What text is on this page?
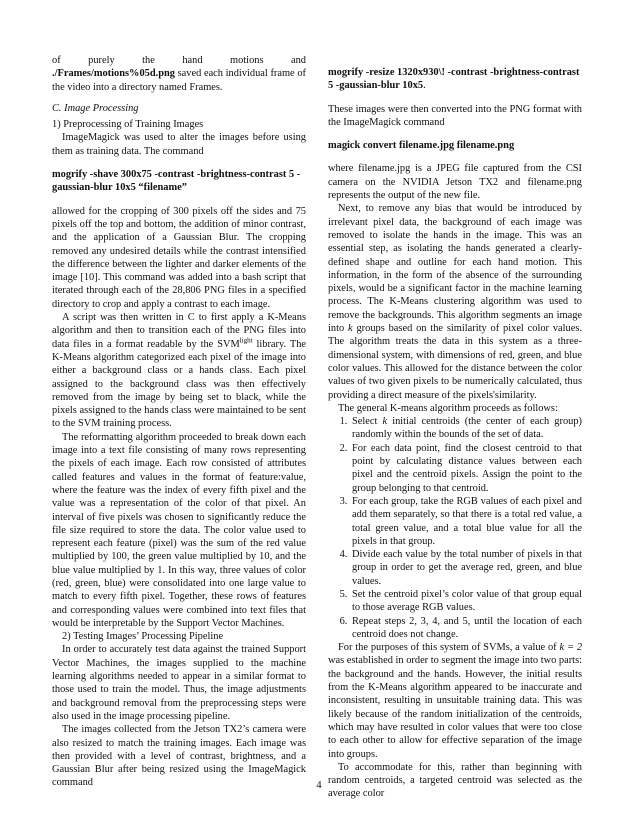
of purely the hand motions and ./Frames/motions%05d.png saved each individual frame of the video into a directory named Frames.

C. Image Processing

1) Preprocessing of Training Images

ImageMagick was used to alter the images before using them as training data. The command

mogrify -shave 300x75 -contrast -brightness-contrast 5 -gaussian-blur 10x5 “filename”

allowed for the cropping of 300 pixels off the sides and 75 pixels off the top and bottom, the addition of minor contrast, and the application of a Gaussian Blur. The cropping removed any undesired details while the contrast intensified the difference between the lighter and darker elements of the image [10]. This command was added into a bash script that iterated through each of the 28,806 PNG files in a specified directory to crop and apply a contrast to each image.

A script was then written in C to first apply a K-Means algorithm and then to transition each of the PNG files into data files in a format readable by the $SVM^{light}$ library. The K-Means algorithm categorized each pixel of the image into either a background class or a hands class. Each pixel assigned to the background class was then effectively removed from the image by being set to black, while the pixels assigned to the hands class were maintained to be sent to the SVM training process.

The reformatting algorithm proceeded to break down each image into a text file consisting of many rows representing the pixels of each image. Each row consisted of attributes called features and values in the format of feature:value, where the feature was the index of every fifth pixel and the value was a representation of the color of that pixel. An interval of five pixels was chosen to significantly reduce the file size required to store the data. The color value used to represent each feature (pixel) was the sum of the red value multiplied by 100, the green value multiplied by 10, and the blue value multiplied by 1. In this way, three values of color (red, green, blue) were consolidated into one large value to match to every fifth pixel. Together, these rows of features and corresponding values were combined into text files that would be interpretable by the Support Vector Machines.

2) Testing Images’ Processing Pipeline

In order to accurately test data against the trained Support Vector Machines, the images supplied to the machine learning algorithms needed to appear in a similar format to those used to train the model. Thus, the image adjustments and background removal from the preprocessing steps were also used in the image processing pipeline.

The images collected from the Jetson TX2’s camera were also resized to match the training images. Each image was then provided with a level of contrast, brightness, and a Gaussian Blur after being resized using the ImageMagick command

mogrify -resize 1320x930\! -contrast -brightness-contrast 5 -gaussian-blur 10x5.

These images were then converted into the PNG format with the ImageMagick command

magick convert filename.jpg filename.png

where filename.jpg is a JPEG file captured from the CSI camera on the NVIDIA Jetson TX2 and filename.png represents the output of the new file.

Next, to remove any bias that would be introduced by irrelevant pixel data, the background of each image was removed to isolate the hands in the image. This was an essential step, as isolating the hands generated a clearly-defined shape and outline for each hand motion. This information, in the form of the absence of the surrounding pixels, would be a significant factor in the machine learning process. The K-Means clustering algorithm was used to remove the backgrounds. This algorithm segments an image into k groups based on the similarity of pixel color values. The algorithm treats the data in this system as a three-dimensional system, with dimensions of red, green, and blue color values. This allowed for the distance between the color values of two given pixels to be numerically calculated, thus providing a direct measure of the pixels'similarity.

The general K-means algorithm proceeds as follows:

1. Select k initial centroids (the center of each group) randomly within the bounds of the set of data.
2. For each data point, find the closest centroid to that point by calculating distance values between each pixel and the centroid pixels. Assign the point to the group belonging to that centroid.
3. For each group, take the RGB values of each pixel and add them separately, so that there is a total red value, a total green value, and a total blue value for all the pixels in that group.
4. Divide each value by the total number of pixels in that group in order to get the average red, green, and blue values.
5. Set the centroid pixel’s color value of that group equal to those average RGB values.
6. Repeat steps 2, 3, 4, and 5, until the location of each centroid does not change.

For the purposes of this system of SVMs, a value of k = 2 was established in order to segment the image into two parts: the background and the hands. However, the initial results from the K-Means algorithm appeared to be inaccurate and inconsistent, resulting in unsuitable training data. This was likely because of the random initialization of the centroids, which may have resulted in color values that were too close to each other to allow for effective separation of the image into groups.

To accommodate for this, rather than beginning with random centroids, a targeted centroid was selected as the average color

4
